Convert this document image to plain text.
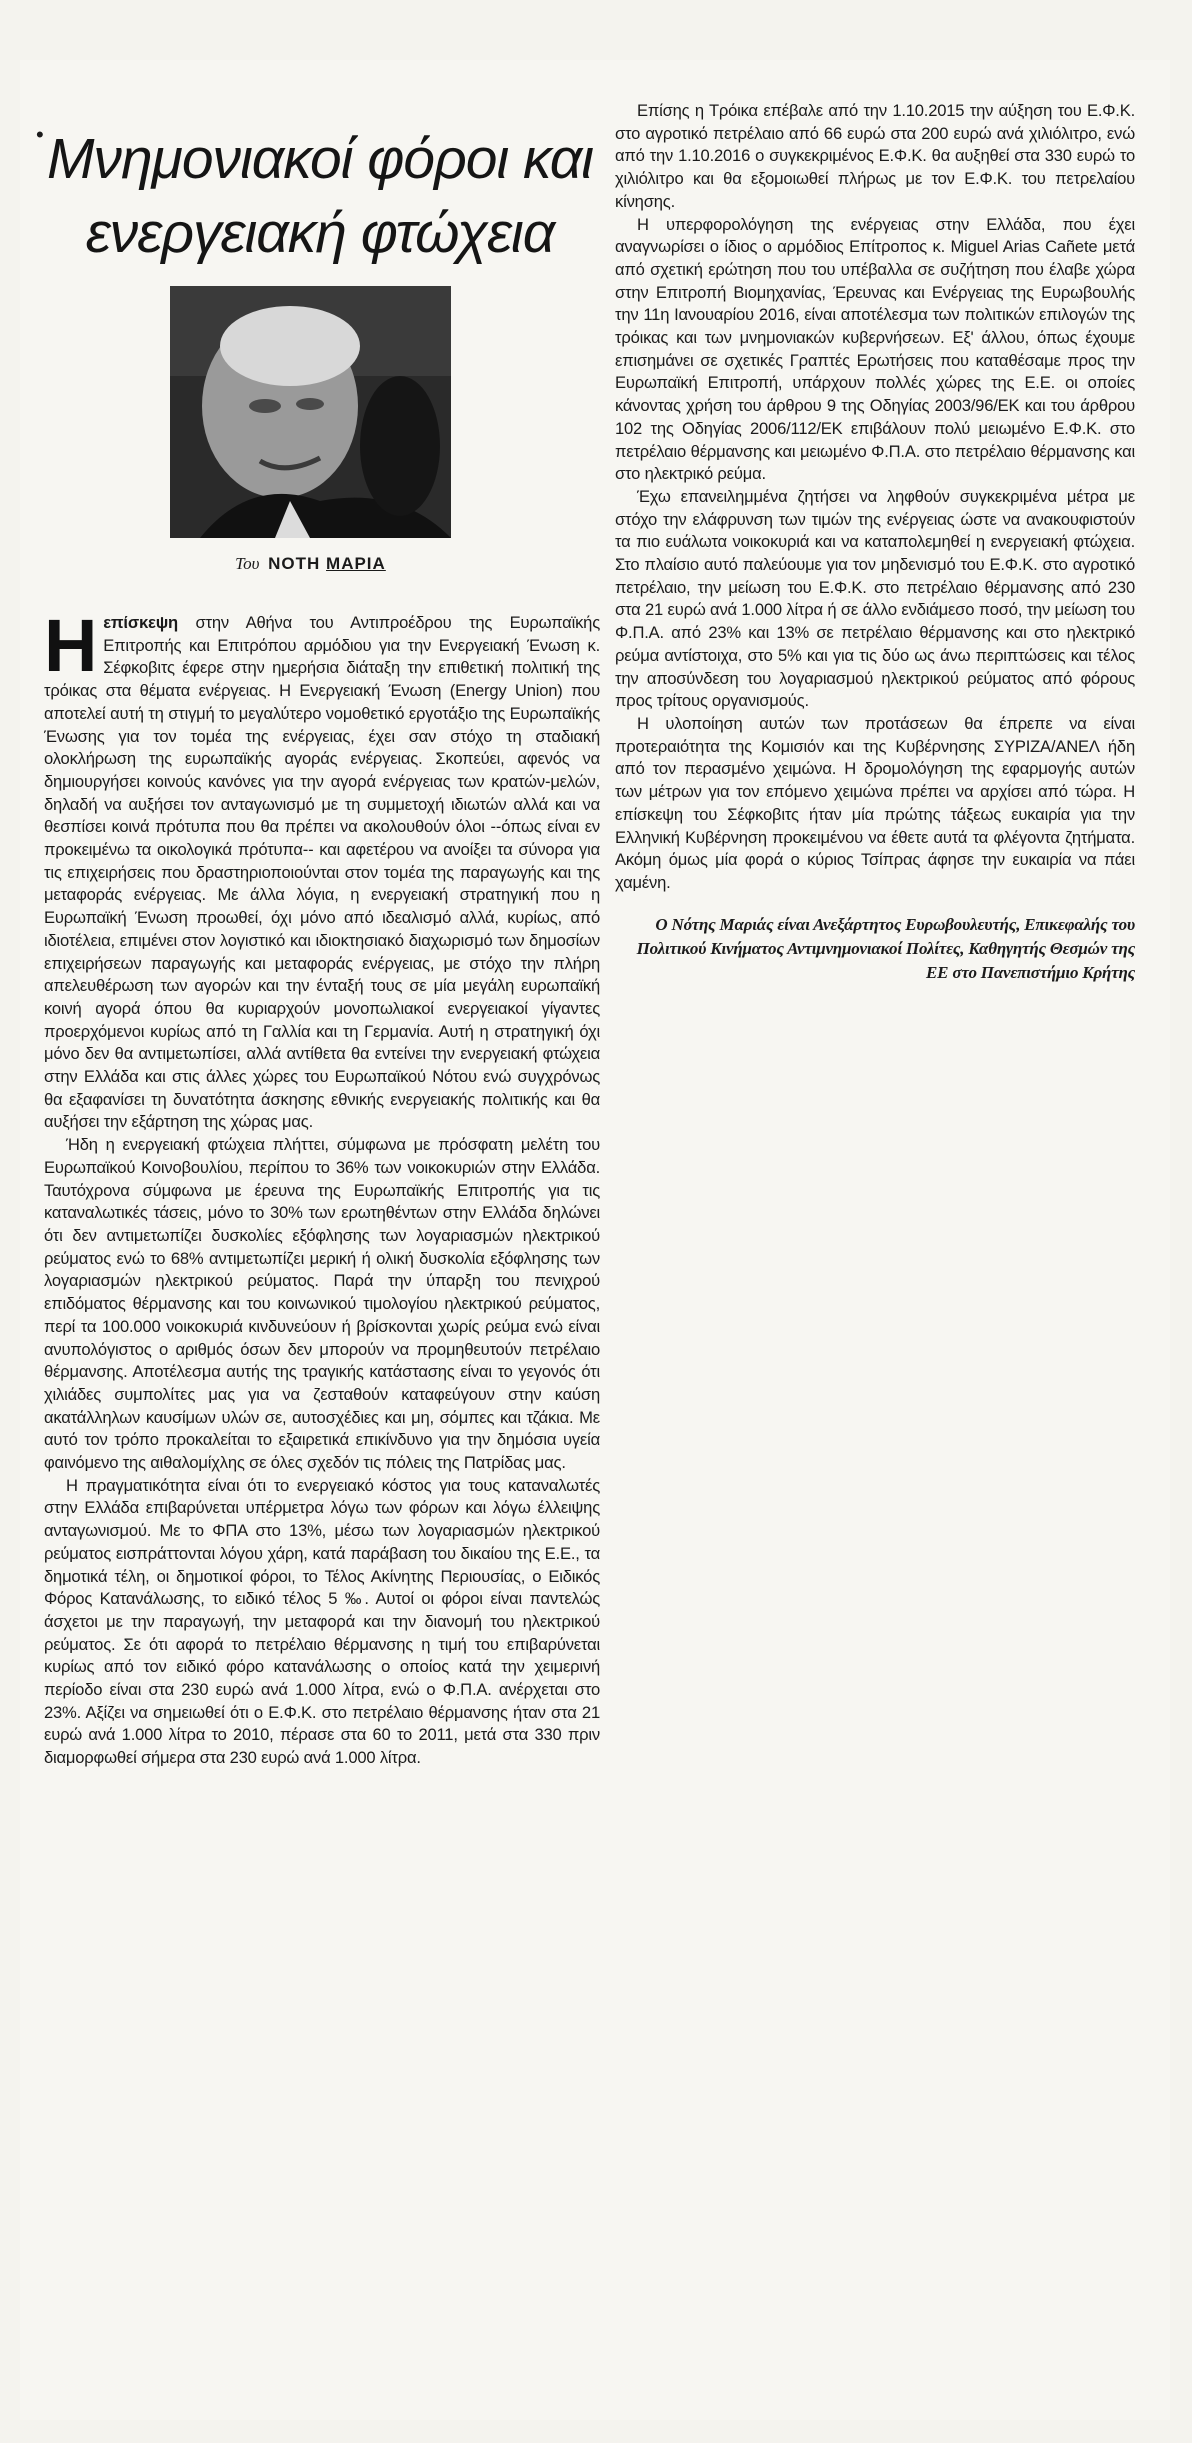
• Μνημονιακοί φόροι και ενεργειακή φτώχεια
Του ΝΟΤΗ ΜΑΡΙΑ

Ηεπίσκεψη στην Αθήνα του Αντιπροέδρου της Ευρωπαϊκής Επιτροπής και Επιτρόπου αρμόδιου για την Ενεργειακή Ένωση κ. Σέφκοβιτς έφερε στην ημερήσια διάταξη την επιθετική πολιτική της τρόικας στα θέματα ενέργειας. Η Ενεργειακή Ένωση (Energy Union) που αποτελεί αυτή τη στιγμή το μεγαλύτερο νομοθετικό εργοτάξιο της Ευρωπαϊκής Ένωσης για τον τομέα της ενέργειας, έχει σαν στόχο τη σταδιακή ολοκλήρωση της ευρωπαϊκής αγοράς ενέργειας. Σκοπεύει, αφενός να δημιουργήσει κοινούς κανόνες για την αγορά ενέργειας των κρατών-μελών, δηλαδή να αυξήσει τον ανταγωνισμό με τη συμμετοχή ιδιωτών αλλά και να θεσπίσει κοινά πρότυπα που θα πρέπει να ακολουθούν όλοι --όπως είναι εν προκειμένω τα οικολογικά πρότυπα-- και αφετέρου να ανοίξει τα σύνορα για τις επιχειρήσεις που δραστηριοποιούνται στον τομέα της παραγωγής και της μεταφοράς ενέργειας. Με άλλα λόγια, η ενεργειακή στρατηγική που η Ευρωπαϊκή Ένωση προωθεί, όχι μόνο από ιδεαλισμό αλλά, κυρίως, από ιδιοτέλεια, επιμένει στον λογιστικό και ιδιοκτησιακό διαχωρισμό των δημοσίων επιχειρήσεων παραγωγής και μεταφοράς ενέργειας, με στόχο την πλήρη απελευθέρωση των αγορών και την ένταξή τους σε μία μεγάλη ευρωπαϊκή κοινή αγορά όπου θα κυριαρχούν μονοπωλιακοί ενεργειακοί γίγαντες προερχόμενοι κυρίως από τη Γαλλία και τη Γερμανία. Αυτή η στρατηγική όχι μόνο δεν θα αντιμετωπίσει, αλλά αντίθετα θα εντείνει την ενεργειακή φτώχεια στην Ελλάδα και στις άλλες χώρες του Ευρωπαϊκού Νότου ενώ συγχρόνως θα εξαφανίσει τη δυνατότητα άσκησης εθνικής ενεργειακής πολιτικής και θα αυξήσει την εξάρτηση της χώρας μας.

Ήδη η ενεργειακή φτώχεια πλήττει, σύμφωνα με πρόσφατη μελέτη του Ευρωπαϊκού Κοινοβουλίου, περίπου το 36% των νοικοκυριών στην Ελλάδα. Ταυτόχρονα σύμφωνα με έρευνα της Ευρωπαϊκής Επιτροπής για τις καταναλωτικές τάσεις, μόνο το 30% των ερωτηθέντων στην Ελλάδα δηλώνει ότι δεν αντιμετωπίζει δυσκολίες εξόφλησης των λογαριασμών ηλεκτρικού ρεύματος ενώ το 68% αντιμετωπίζει μερική ή ολική δυσκολία εξόφλησης των λογαριασμών ηλεκτρικού ρεύματος. Παρά την ύπαρξη του πενιχρού επιδόματος θέρμανσης και του κοινωνικού τιμολογίου ηλεκτρικού ρεύματος, περί τα 100.000 νοικοκυριά κινδυνεύουν ή βρίσκονται χωρίς ρεύμα ενώ είναι ανυπολόγιστος ο αριθμός όσων δεν μπορούν να προμηθευτούν πετρέλαιο θέρμανσης. Αποτέλεσμα αυτής της τραγικής κατάστασης είναι το γεγονός ότι χιλιάδες συμπολίτες μας για να ζεσταθούν καταφεύγουν στην καύση ακατάλληλων καυσίμων υλών σε, αυτοσχέδιες και μη, σόμπες και τζάκια. Με αυτό τον τρόπο προκαλείται το εξαιρετικά επικίνδυνο για την δημόσια υγεία φαινόμενο της αιθαλομίχλης σε όλες σχεδόν τις πόλεις της Πατρίδας μας.

Η πραγματικότητα είναι ότι το ενεργειακό κόστος για τους καταναλωτές στην Ελλάδα επιβαρύνεται υπέρμετρα λόγω των φόρων και λόγω έλλειψης ανταγωνισμού. Με το ΦΠΑ στο 13%, μέσω των λογαριασμών ηλεκτρικού ρεύματος εισπράττονται λόγου χάρη, κατά παράβαση του δικαίου της Ε.Ε., τα δημοτικά τέλη, οι δημοτικοί φόροι, το Τέλος Ακίνητης Περιουσίας, ο Ειδικός Φόρος Κατανάλωσης, το ειδικό τέλος 5 ‰. Αυτοί οι φόροι είναι παντελώς άσχετοι με την παραγωγή, την μεταφορά και την διανομή του ηλεκτρικού ρεύματος. Σε ότι αφορά το πετρέλαιο θέρμανσης η τιμή του επιβαρύνεται κυρίως από τον ειδικό φόρο κατανάλωσης ο οποίος κατά την χειμερινή περίοδο είναι στα 230 ευρώ ανά 1.000 λίτρα, ενώ ο Φ.Π.Α. ανέρχεται στο 23%. Αξίζει να σημειωθεί ότι ο Ε.Φ.Κ. στο πετρέλαιο θέρμανσης ήταν στα 21 ευρώ ανά 1.000 λίτρα το 2010, πέρασε στα 60 το 2011, μετά στα 330 πριν διαμορφωθεί σήμερα στα 230 ευρώ ανά 1.000 λίτρα.

Επίσης η Τρόικα επέβαλε από την 1.10.2015 την αύξηση του Ε.Φ.Κ. στο αγροτικό πετρέλαιο από 66 ευρώ στα 200 ευρώ ανά χιλιόλιτρο, ενώ από την 1.10.2016 ο συγκεκριμένος Ε.Φ.Κ. θα αυξηθεί στα 330 ευρώ το χιλιόλιτρο και θα εξομοιωθεί πλήρως με τον Ε.Φ.Κ. του πετρελαίου κίνησης.

Η υπερφορολόγηση της ενέργειας στην Ελλάδα, που έχει αναγνωρίσει ο ίδιος ο αρμόδιος Επίτροπος κ. Miguel Arias Cañete μετά από σχετική ερώτηση που του υπέβαλλα σε συζήτηση που έλαβε χώρα στην Επιτροπή Βιομηχανίας, Έρευνας και Ενέργειας της Ευρωβουλής την 11η Ιανουαρίου 2016, είναι αποτέλεσμα των πολιτικών επιλογών της τρόικας και των μνημονιακών κυβερνήσεων. Εξ' άλλου, όπως έχουμε επισημάνει σε σχετικές Γραπτές Ερωτήσεις που καταθέσαμε προς την Ευρωπαϊκή Επιτροπή, υπάρχουν πολλές χώρες της Ε.Ε. οι οποίες κάνοντας χρήση του άρθρου 9 της Οδηγίας 2003/96/ΕΚ και του άρθρου 102 της Οδηγίας 2006/112/ΕΚ επιβάλουν πολύ μειωμένο Ε.Φ.Κ. στο πετρέλαιο θέρμανσης και μειωμένο Φ.Π.Α. στο πετρέλαιο θέρμανσης και στο ηλεκτρικό ρεύμα.

Έχω επανειλημμένα ζητήσει να ληφθούν συγκεκριμένα μέτρα με στόχο την ελάφρυνση των τιμών της ενέργειας ώστε να ανακουφιστούν τα πιο ευάλωτα νοικοκυριά και να καταπολεμηθεί η ενεργειακή φτώχεια. Στο πλαίσιο αυτό παλεύουμε για τον μηδενισμό του Ε.Φ.Κ. στο αγροτικό πετρέλαιο, την μείωση του Ε.Φ.Κ. στο πετρέλαιο θέρμανσης από 230 στα 21 ευρώ ανά 1.000 λίτρα ή σε άλλο ενδιάμεσο ποσό, την μείωση του Φ.Π.Α. από 23% και 13% σε πετρέλαιο θέρμανσης και στο ηλεκτρικό ρεύμα αντίστοιχα, στο 5% και για τις δύο ως άνω περιπτώσεις και τέλος την αποσύνδεση του λογαριασμού ηλεκτρικού ρεύματος από φόρους προς τρίτους οργανισμούς.

Η υλοποίηση αυτών των προτάσεων θα έπρεπε να είναι προτεραιότητα της Κομισιόν και της Κυβέρνησης ΣΥΡΙΖΑ/ΑΝΕΛ ήδη από τον περασμένο χειμώνα. Η δρομολόγηση της εφαρμογής αυτών των μέτρων για τον επόμενο χειμώνα πρέπει να αρχίσει από τώρα. Η επίσκεψη του Σέφκοβιτς ήταν μία πρώτης τάξεως ευκαιρία για την Ελληνική Κυβέρνηση προκειμένου να έθετε αυτά τα φλέγοντα ζητήματα. Ακόμη όμως μία φορά ο κύριος Τσίπρας άφησε την ευκαιρία να πάει χαμένη.

Ο Νότης Μαριάς είναι Ανεξάρτητος Ευρωβουλευτής, Επικεφαλής του Πολιτικού Κινήματος Αντιμνημονιακοί Πολίτες, Καθηγητής Θεσμών της ΕΕ στο Πανεπιστήμιο Κρήτης
